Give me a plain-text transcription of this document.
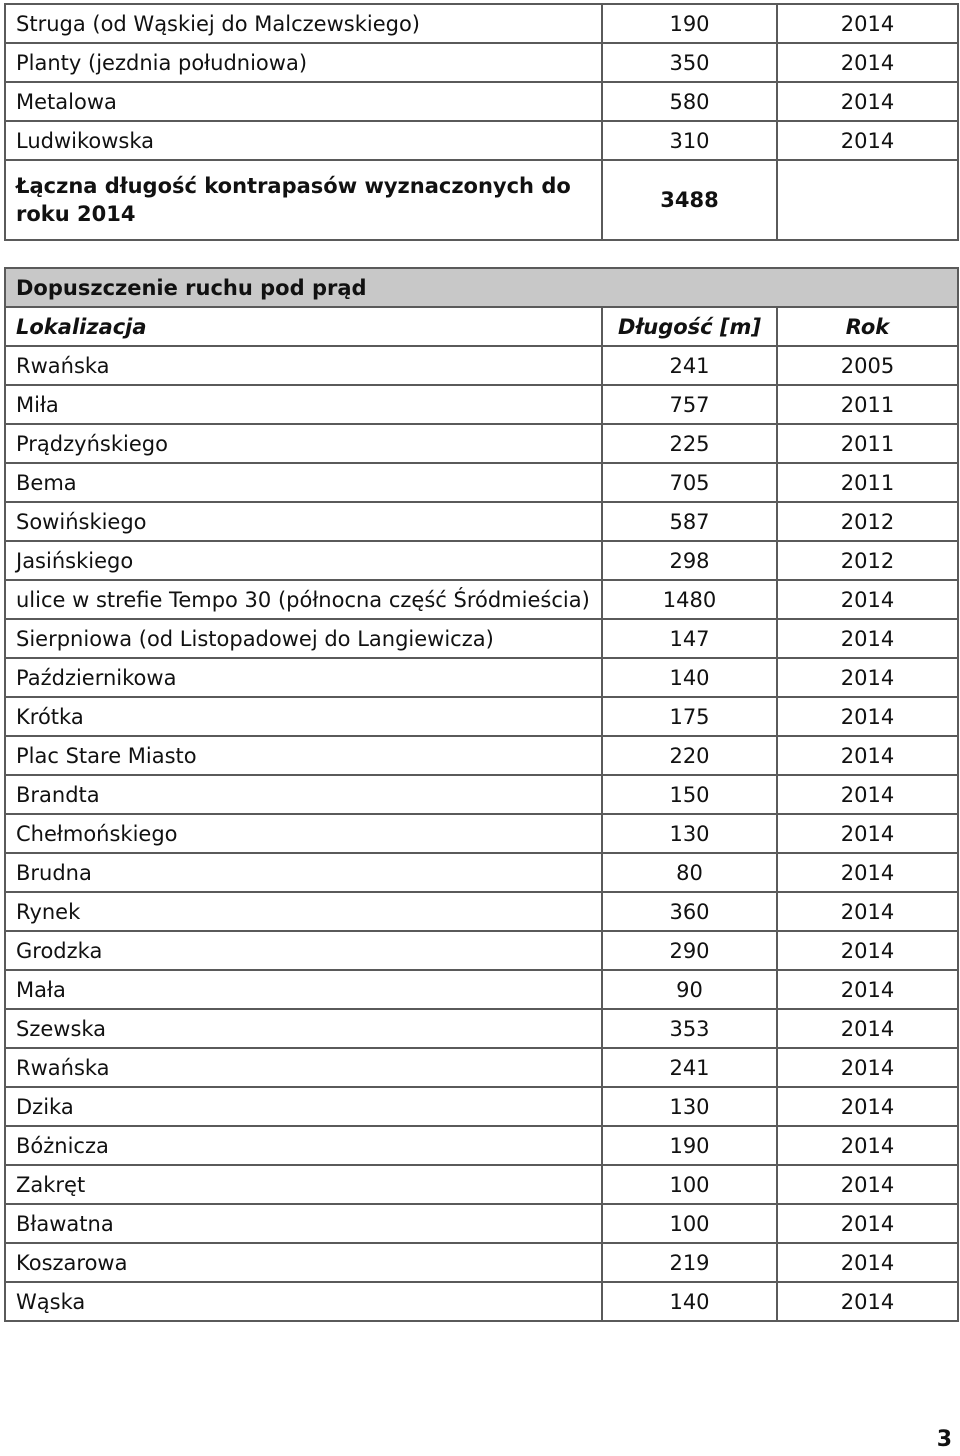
Struga (od Wąskiej do Malczewskiego)	190	2014
Planty (jezdnia południowa)	350	2014
Metalowa	580	2014
Ludwikowska	310	2014
Łączna długość kontrapasów wyznaczonych do roku 2014	3488	
Dopuszczenie ruchu pod prąd		
Lokalizacja	Długość [m]	Rok
Rwańska	241	2005
Miła	757	2011
Prądzyńskiego	225	2011
Bema	705	2011
Sowińskiego	587	2012
Jasińskiego	298	2012
ulice w strefie Tempo 30 (północna część Śródmieścia)	1480	2014
Sierpniowa (od Listopadowej do Langiewicza)	147	2014
Październikowa	140	2014
Krótka	175	2014
Plac Stare Miasto	220	2014
Brandta	150	2014
Chełmońskiego	130	2014
Brudna	80	2014
Rynek	360	2014
Grodzka	290	2014
Mała	90	2014
Szewska	353	2014
Rwańska	241	2014
Dzika	130	2014
Bóżnicza	190	2014
Zakręt	100	2014
Bławatna	100	2014
Koszarowa	219	2014
Wąska	140	2014
3
